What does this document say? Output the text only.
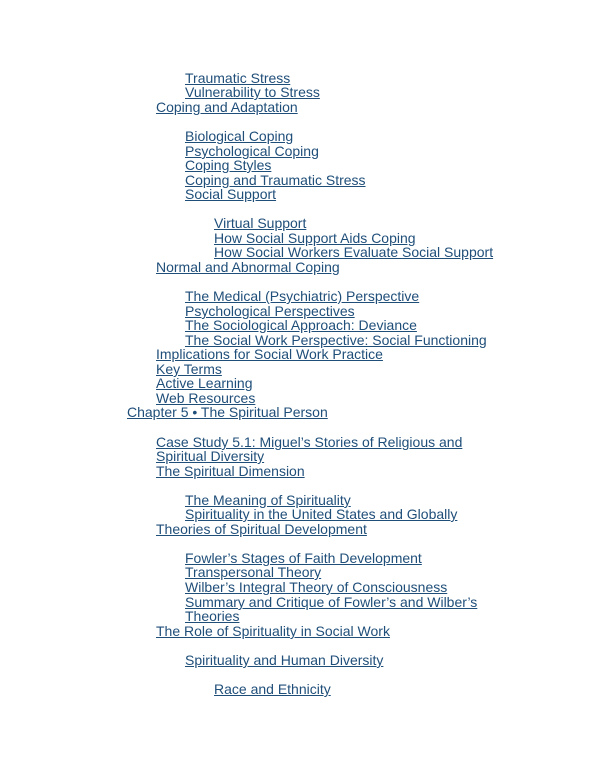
Traumatic Stress
Vulnerability to Stress
Coping and Adaptation
Biological Coping
Psychological Coping
Coping Styles
Coping and Traumatic Stress
Social Support
Virtual Support
How Social Support Aids Coping
How Social Workers Evaluate Social Support
Normal and Abnormal Coping
The Medical (Psychiatric) Perspective
Psychological Perspectives
The Sociological Approach: Deviance
The Social Work Perspective: Social Functioning
Implications for Social Work Practice
Key Terms
Active Learning
Web Resources
Chapter 5 • The Spiritual Person
Case Study 5.1: Miguel’s Stories of Religious and
Spiritual Diversity
The Spiritual Dimension
The Meaning of Spirituality
Spirituality in the United States and Globally
Theories of Spiritual Development
Fowler’s Stages of Faith Development
Transpersonal Theory
Wilber’s Integral Theory of Consciousness
Summary and Critique of Fowler’s and Wilber’s
Theories
The Role of Spirituality in Social Work
Spirituality and Human Diversity
Race and Ethnicity
